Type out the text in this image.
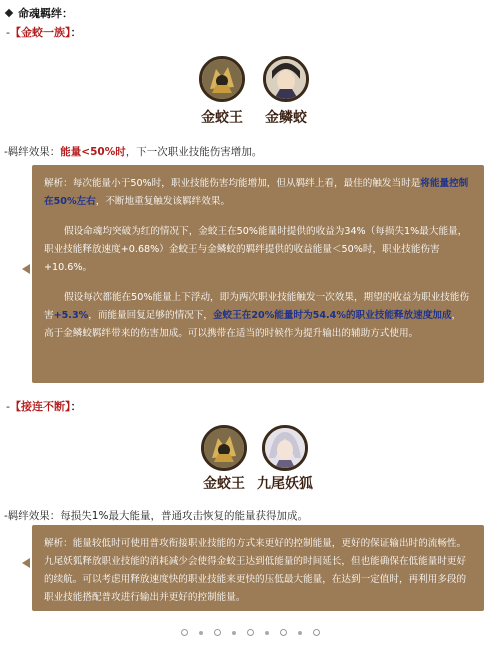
命魂羁绊：
-【金蛟一族】：
金蛟王	金鳞蛟
-羁绊效果：能量<50%时，下一次职业技能伤害增加。

解析：每次能量小于50%时，职业技能伤害均能增加，但从羁绊上看，最佳的触发当时是将能量控制在50%左右，不断地重复触发该羁绊效果。

假设命魂均突破为红的情况下，金蛟王在50%能量时提供的收益为34%（每损失1%最大能量，职业技能释放速度+0.68%）金蛟王与金鳞蛟的羁绊提供的收益能量＜50%时，职业技能伤害+10.6%。

假设每次都能在50%能量上下浮动，即为两次职业技能触发一次效果，期望的收益为职业技能伤害+5.3%，而能量回复足够的情况下，金蛟王在20%能量时为54.4%的职业技能释放速度加成，高于金鳞蛟羁绊带来的伤害加成。可以携带在适当的时候作为提升输出的辅助方式使用。

-【接连不断】：
金蛟王 九尾妖狐
-羁绊效果：每损失1%最大能量，普通攻击恢复的能量获得加成。

解析：能量较低时可使用普攻衔接职业技能的方式来更好的控制能量，更好的保证输出时的流畅性。九尾妖狐释放职业技能的消耗减少会使得金蛟王达到低能量的时间延长，但也能确保在低能量时更好的续航。可以考虑用释放速度快的职业技能来更快的压低最大能量，在达到一定值时，再利用多段的职业技能搭配普攻进行输出并更好的控制能量。
